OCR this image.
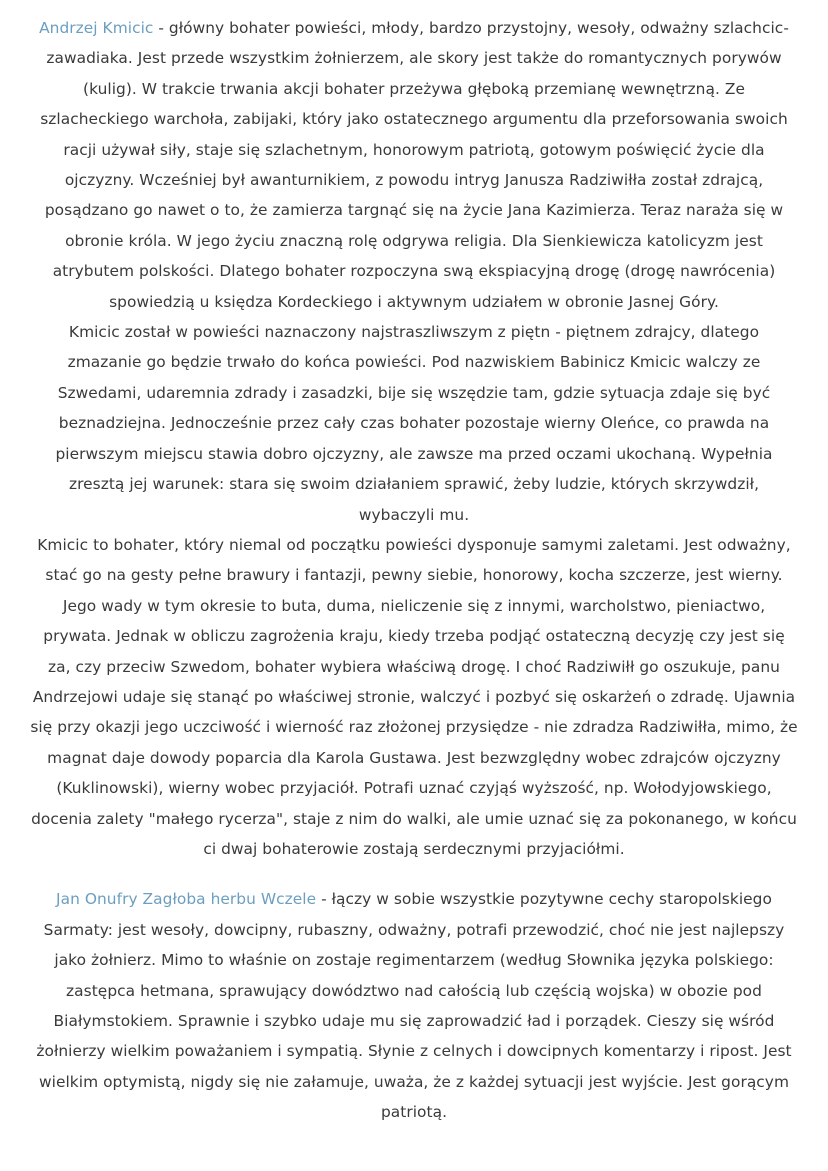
Andrzej Kmicic - główny bohater powieści, młody, bardzo przystojny, wesoły, odważny szlachcic-zawadiaka. Jest przede wszystkim żołnierzem, ale skory jest także do romantycznych porywów (kulig). W trakcie trwania akcji bohater przeżywa głęboką przemianę wewnętrzną. Ze szlacheckiego warchoła, zabijaki, który jako ostatecznego argumentu dla przeforsowania swoich racji używał siły, staje się szlachetnym, honorowym patriotą, gotowym poświęcić życie dla ojczyzny. Wcześniej był awanturnikiem, z powodu intryg Janusza Radziwiłła został zdrajcą, posądzano go nawet o to, że zamierza targnąć się na życie Jana Kazimierza. Teraz naraża się w obronie króla. W jego życiu znaczną rolę odgrywa religia. Dla Sienkiewicza katolicyzm jest atrybutem polskości. Dlatego bohater rozpoczyna swą ekspiacyjną drogę (drogę nawrócenia) spowiedzią u księdza Kordeckiego i aktywnym udziałem w obronie Jasnej Góry.

Kmicic został w powieści naznaczony najstraszliwszym z piętn - piętnem zdrajcy, dlatego zmazanie go będzie trwało do końca powieści. Pod nazwiskiem Babinicz Kmicic walczy ze Szwedami, udaremnia zdrady i zasadzki, bije się wszędzie tam, gdzie sytuacja zdaje się być beznadziejna. Jednocześnie przez cały czas bohater pozostaje wierny Oleńce, co prawda na pierwszym miejscu stawia dobro ojczyzny, ale zawsze ma przed oczami ukochaną. Wypełnia zresztą jej warunek: stara się swoim działaniem sprawić, żeby ludzie, których skrzywdził, wybaczyli mu.

Kmicic to bohater, który niemal od początku powieści dysponuje samymi zaletami. Jest odważny, stać go na gesty pełne brawury i fantazji, pewny siebie, honorowy, kocha szczerze, jest wierny. Jego wady w tym okresie to buta, duma, nieliczenie się z innymi, warcholstwo, pieniactwo, prywata. Jednak w obliczu zagrożenia kraju, kiedy trzeba podjąć ostateczną decyzję czy jest się za, czy przeciw Szwedom, bohater wybiera właściwą drogę. I choć Radziwiłł go oszukuje, panu Andrzejowi udaje się stanąć po właściwej stronie, walczyć i pozbyć się oskarżeń o zdradę. Ujawnia się przy okazji jego uczciwość i wierność raz złożonej przysiędze - nie zdradza Radziwiłła, mimo, że magnat daje dowody poparcia dla Karola Gustawa. Jest bezwzględny wobec zdrajców ojczyzny (Kuklinowski), wierny wobec przyjaciół. Potrafi uznać czyjąś wyższość, np. Wołodyjowskiego, docenia zalety "małego rycerza", staje z nim do walki, ale umie uznać się za pokonanego, w końcu ci dwaj bohaterowie zostają serdecznymi przyjaciółmi.

Jan Onufry Zagłoba herbu Wczele - łączy w sobie wszystkie pozytywne cechy staropolskiego Sarmaty: jest wesoły, dowcipny, rubaszny, odważny, potrafi przewodzić, choć nie jest najlepszy jako żołnierz. Mimo to właśnie on zostaje regimentarzem (według Słownika języka polskiego: zastępca hetmana, sprawujący dowództwo nad całością lub częścią wojska) w obozie pod Białymstokiem. Sprawnie i szybko udaje mu się zaprowadzić ład i porządek. Cieszy się wśród żołnierzy wielkim poważaniem i sympatią. Słynie z celnych i dowcipnych komentarzy i ripost. Jest wielkim optymistą, nigdy się nie załamuje, uważa, że z każdej sytuacji jest wyjście. Jest gorącym patriotą.
